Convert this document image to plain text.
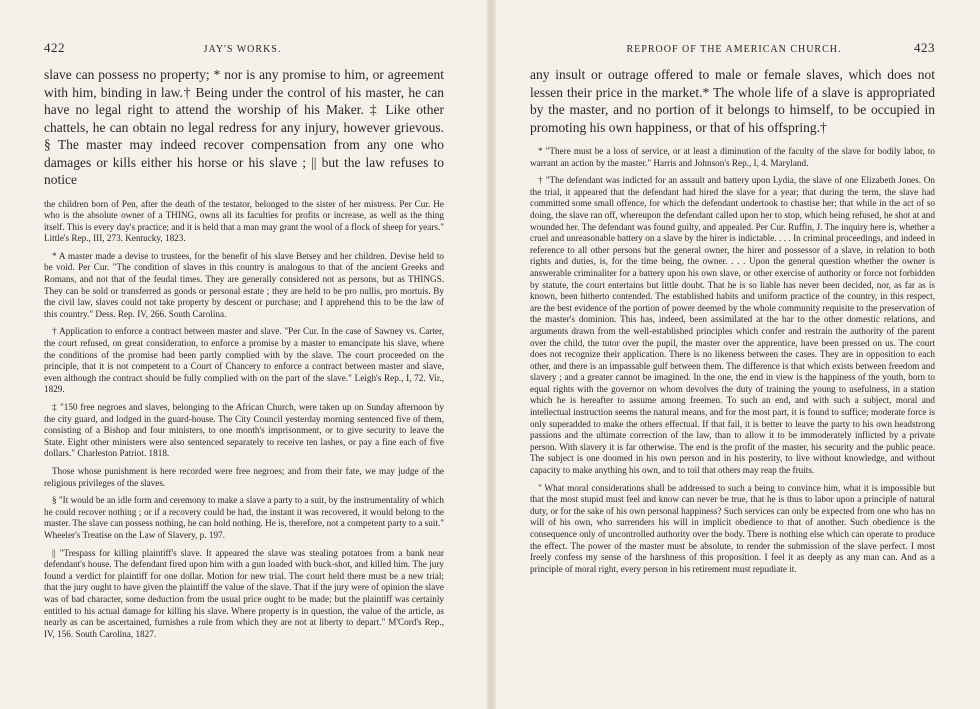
422	JAY'S WORKS.

slave can possess no property; * nor is any promise to him, or agreement with him, binding in law.† Being under the control of his master, he can have no legal right to attend the worship of his Maker. ‡ Like other chattels, he can obtain no legal redress for any injury, however grievous. § The master may indeed recover compensation from any one who damages or kills either his horse or his slave ; || but the law refuses to notice

the children born of Pen, after the death of the testator, belonged to the sister of her mistress. Per Cur. He who is the absolute owner of a THING, owns all its faculties for profits or increase, as well as the thing itself. This is every day's practice; and it is held that a man may grant the wool of a flock of sheep for years." Little's Rep., III, 273. Kentucky, 1823.

* A master made a devise to trustees, for the benefit of his slave Betsey and her children. Devise held to be void. Per Cur. "The condition of slaves in this country is analogous to that of the ancient Greeks and Romans, and not that of the feudal times. They are generally considered not as persons, but as THINGS. They can be sold or transferred as goods or personal estate ; they are held to be pro nullis, pro mortuis. By the civil law, slaves could not take property by descent or purchase; and I apprehend this to be the law of this country." Dess. Rep. IV, 266. South Carolina.

† Application to enforce a contract between master and slave. "Per Cur. In the case of Sawney vs. Carter, the court refused, on great consideration, to enforce a promise by a master to emancipate his slave, where the conditions of the promise had been partly complied with by the slave. The court proceeded on the principle, that it is not competent to a Court of Chancery to enforce a contract between master and slave, even although the contract should be fully complied with on the part of the slave." Leigh's Rep., I, 72. Vir., 1829.

‡ "150 free negroes and slaves, belonging to the African Church, were taken up on Sunday afternoon by the city guard, and lodged in the guard-house. The City Council yesterday morning sentenced five of them, consisting of a Bishop and four ministers, to one month's imprisonment, or to give security to leave the State. Eight other ministers were also sentenced separately to receive ten lashes, or pay a fine each of five dollars." Charleston Patriot. 1818.

Those whose punishment is here recorded were free negroes; and from their fate, we may judge of the religious privileges of the slaves.

§ "It would be an idle form and ceremony to make a slave a party to a suit, by the instrumentality of which he could recover nothing ; or if a recovery could be had, the instant it was recovered, it would belong to the master. The slave can possess nothing, he can hold nothing. He is, therefore, not a competent party to a suit." Wheeler's Treatise on the Law of Slavery, p. 197.

|| "Trespass for killing plaintiff's slave. It appeared the slave was stealing potatoes from a bank near defendant's house. The defendant fired upon him with a gun loaded with buck-shot, and killed him. The jury found a verdict for plaintiff for one dollar. Motion for new trial. The court held there must be a new trial; that the jury ought to have given the plaintiff the value of the slave. That if the jury were of opinion the slave was of bad character, some deduction from the usual price ought to be made; but the plaintiff was certainly entitled to his actual damage for killing his slave. Where property is in question, the value of the article, as nearly as can be ascertained, furnishes a rule from which they are not at liberty to depart." M'Cord's Rep., IV, 156. South Carolina, 1827.

REPROOF OF THE AMERICAN CHURCH.	423

any insult or outrage offered to male or female slaves, which does not lessen their price in the market.* The whole life of a slave is appropriated by the master, and no portion of it belongs to himself, to be occupied in promoting his own happiness, or that of his offspring.†

* "There must be a loss of service, or at least a diminution of the faculty of the slave for bodily labor, to warrant an action by the master." Harris and Johnson's Rep., I, 4. Maryland.

† "The defendant was indicted for an assault and battery upon Lydia, the slave of one Elizabeth Jones. On the trial, it appeared that the defendant had hired the slave for a year; that during the term, the slave had committed some small offence, for which the defendant undertook to chastise her; that while in the act of so doing, the slave ran off, whereupon the defendant called upon her to stop, which being refused, he shot at and wounded her. The defendant was found guilty, and appealed. Per Cur. Ruffin, J. The inquiry here is, whether a cruel and unreasonable battery on a slave by the hirer is indictable. . . . In criminal proceedings, and indeed in reference to all other persons but the general owner, the hirer and possessor of a slave, in relation to both rights and duties, is, for the time being, the owner. . . . Upon the general question whether the owner is answerable criminaliter for a battery upon his own slave, or other exercise of authority or force not forbidden by statute, the court entertains but little doubt. That he is so liable has never been decided, nor, as far as is known, been hitherto contended. The established habits and uniform practice of the country, in this respect, are the best evidence of the portion of power deemed by the whole community requisite to the preservation of the master's dominion. This has, indeed, been assimilated at the bar to the other domestic relations, and arguments drawn from the well-established principles which confer and restrain the authority of the parent over the child, the tutor over the pupil, the master over the apprentice, have been pressed on us. The court does not recognize their application. There is no likeness between the cases. They are in opposition to each other, and there is an impassable gulf between them. The difference is that which exists between freedom and slavery ; and a greater cannot be imagined. In the one, the end in view is the happiness of the youth, born to equal rights with the governor on whom devolves the duty of training the young to usefulness, in a station which he is hereafter to assume among freemen. To such an end, and with such a subject, moral and intellectual instruction seems the natural means, and for the most part, it is found to suffice; moderate force is only superadded to make the others effectual. If that fail, it is better to leave the party to his own headstrong passions and the ultimate correction of the law, than to allow it to be immoderately inflicted by a private person. With slavery it is far otherwise. The end is the profit of the master, his security and the public peace. The subject is one doomed in his own person and in his posterity, to live without knowledge, and without capacity to make anything his own, and to toil that others may reap the fruits.

" What moral considerations shall be addressed to such a being to convince him, what it is impossible but that the most stupid must feel and know can never be true, that he is thus to labor upon a principle of natural duty, or for the sake of his own personal happiness? Such services can only be expected from one who has no will of his own, who surrenders his will in implicit obedience to that of another. Such obedience is the consequence only of uncontrolled authority over the body. There is nothing else which can operate to produce the effect. The power of the master must be absolute, to render the submission of the slave perfect. I most freely confess my sense of the harshness of this proposition. I feel it as deeply as any man can. And as a principle of moral right, every person in his retirement must repudiate it.
